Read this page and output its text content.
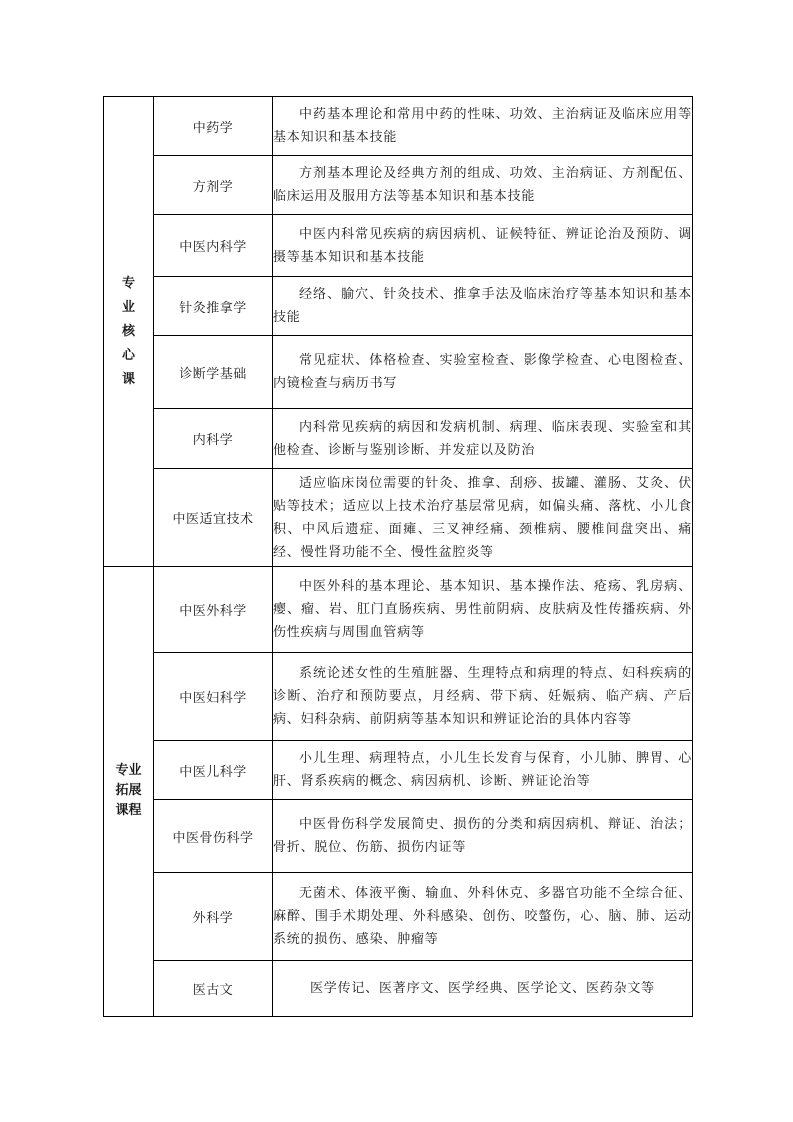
专业核心课	中药学	中药基本理论和常用中药的性味、功效、主治病证及临床应用等基本知识和基本技能
	方剂学	方剂基本理论及经典方剂的组成、功效、主治病证、方剂配伍、临床运用及服用方法等基本知识和基本技能
	中医内科学	中医内科常见疾病的病因病机、证候特征、辨证论治及预防、调摄等基本知识和基本技能
	针灸推拿学	经络、腧穴、针灸技术、推拿手法及临床治疗等基本知识和基本技能
	诊断学基础	常见症状、体格检查、实验室检查、影像学检查、心电图检查、内镜检查与病历书写
	内科学	内科常见疾病的病因和发病机制、病理、临床表现、实验室和其他检查、诊断与鉴别诊断、并发症以及防治
	中医适宜技术	适应临床岗位需要的针灸、推拿、刮痧、拔罐、灌肠、艾灸、伏贴等技术；适应以上技术治疗基层常见病，如偏头痛、落枕、小儿食积、中风后遗症、面瘫、三叉神经痛、颈椎病、腰椎间盘突出、痛经、慢性肾功能不全、慢性盆腔炎等
专业拓展课程	中医外科学	中医外科的基本理论、基本知识、基本操作法、疮疡、乳房病、瘿、瘤、岩、肛门直肠疾病、男性前阴病、皮肤病及性传播疾病、外伤性疾病与周围血管病等
	中医妇科学	系统论述女性的生殖脏器、生理特点和病理的特点、妇科疾病的诊断、治疗和预防要点，月经病、带下病、妊娠病、临产病、产后病、妇科杂病、前阴病等基本知识和辨证论治的具体内容等
	中医儿科学	小儿生理、病理特点，小儿生长发育与保育，小儿肺、脾胃、心肝、肾系疾病的概念、病因病机、诊断、辨证论治等
	中医骨伤科学	中医骨伤科学发展简史、损伤的分类和病因病机、辩证、治法；骨折、脱位、伤筋、损伤内证等
	外科学	无菌术、体液平衡、输血、外科休克、多器官功能不全综合征、麻醉、围手术期处理、外科感染、创伤、咬螫伤，心、脑、肺、运动系统的损伤、感染、肿瘤等
	医古文	医学传记、医著序文、医学经典、医学论文、医药杂文等
